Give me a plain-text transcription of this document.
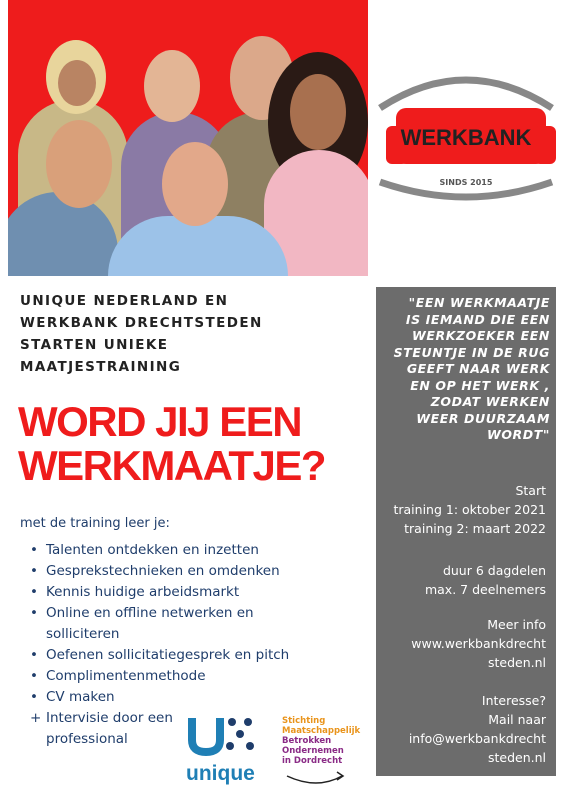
WERKBANK
SINDS 2015
UNIQUE NEDERLAND EN
WERKBANK DRECHTSTEDEN
STARTEN UNIEKE
MAATJESTRAINING
WORD JIJ EEN
WERKMAATJE?
met de training leer je:
• Talenten ontdekken en inzetten
• Gesprekstechnieken en omdenken
• Kennis huidige arbeidsmarkt
• Online en offline netwerken en solliciteren
• Oefenen sollicitatiegesprek en pitch
• Complimentenmethode
• CV maken
+ Intervisie door een professional
"EEN WERKMAATJE
IS IEMAND DIE EEN
WERKZOEKER EEN
STEUNTJE IN DE RUG
GEEFT NAAR WERK
EN OP HET WERK ,
ZODAT WERKEN
WEER DUURZAAM
WORDT"
Start
training 1: oktober 2021
training 2: maart 2022
duur 6 dagdelen
max. 7 deelnemers
Meer info
www.werkbankdrecht
steden.nl
Interesse?
Mail naar
info@werkbankdrecht
steden.nl
unique
Stichting
Maatschappelijk
Betrokken
Ondernemen
in Dordrecht
